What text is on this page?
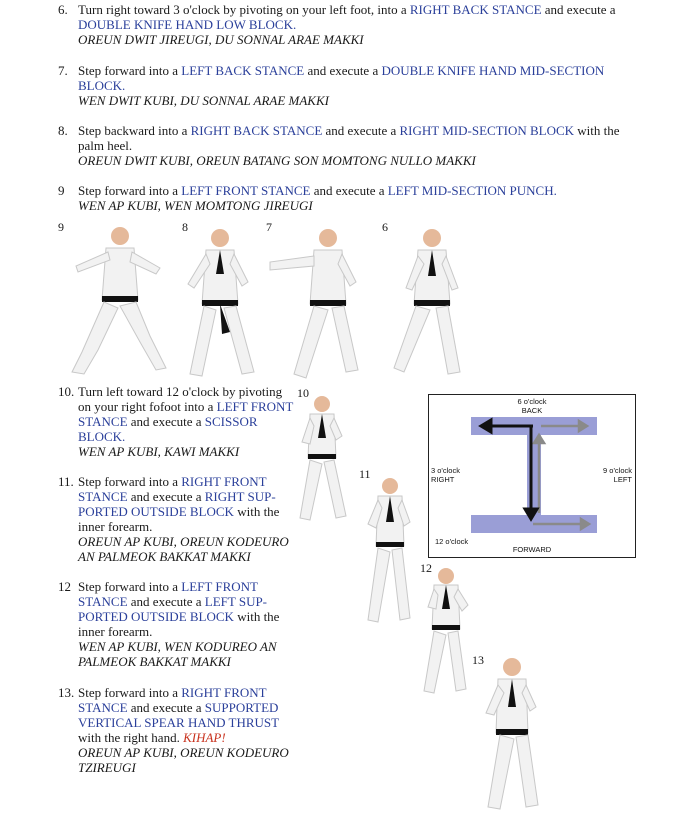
6. Turn right toward 3 o'clock by pivoting on your left foot, into a RIGHT BACK STANCE and execute a
DOUBLE KNIFE HAND LOW BLOCK.
OREUN DWIT JIREUGI, DU SONNAL ARAE MAKKI
7. Step forward into a LEFT BACK STANCE and execute a DOUBLE KNIFE HAND MID-SECTION
BLOCK.
WEN DWIT KUBI, DU SONNAL ARAE MAKKI
8. Step backward into a RIGHT BACK STANCE and execute a RIGHT MID-SECTION BLOCK with the
palm heel.
OREUN DWIT KUBI, OREUN BATANG SON MOMTONG NULLO MAKKI
9 Step forward into a LEFT FRONT STANCE and execute a LEFT MID-SECTION PUNCH.
WEN AP KUBI, WEN MOMTONG JIREUGI
9	8	7	6
10. Turn left toward 12 o'clock by pivoting
on your right fofoot into a LEFT FRONT
STANCE and execute a SCISSOR
BLOCK.
WEN AP KUBI, KAWI MAKKI
11. Step forward into a RIGHT FRONT
STANCE and execute a RIGHT SUP-
PORTED OUTSIDE BLOCK with the
inner forearm.
OREUN AP KUBI, OREUN KODEURO
AN PALMEOK BAKKAT MAKKI
12 Step forward into a LEFT FRONT
STANCE and execute a LEFT SUP-
PORTED OUTSIDE BLOCK with the
inner forearm.
WEN AP KUBI, WEN KODUREO AN
PALMEOK BAKKAT MAKKI
13. Step forward into a RIGHT FRONT
STANCE and execute a SUPPORTED
VERTICAL SPEAR HAND THRUST
with the right hand. KIHAP!
OREUN AP KUBI, OREUN KODEURO
TZIREUGI
10
11
12
13
6 o'clock
BACK
3 o'clock
RIGHT
9 o'clock
LEFT
12 o'clock
FORWARD
